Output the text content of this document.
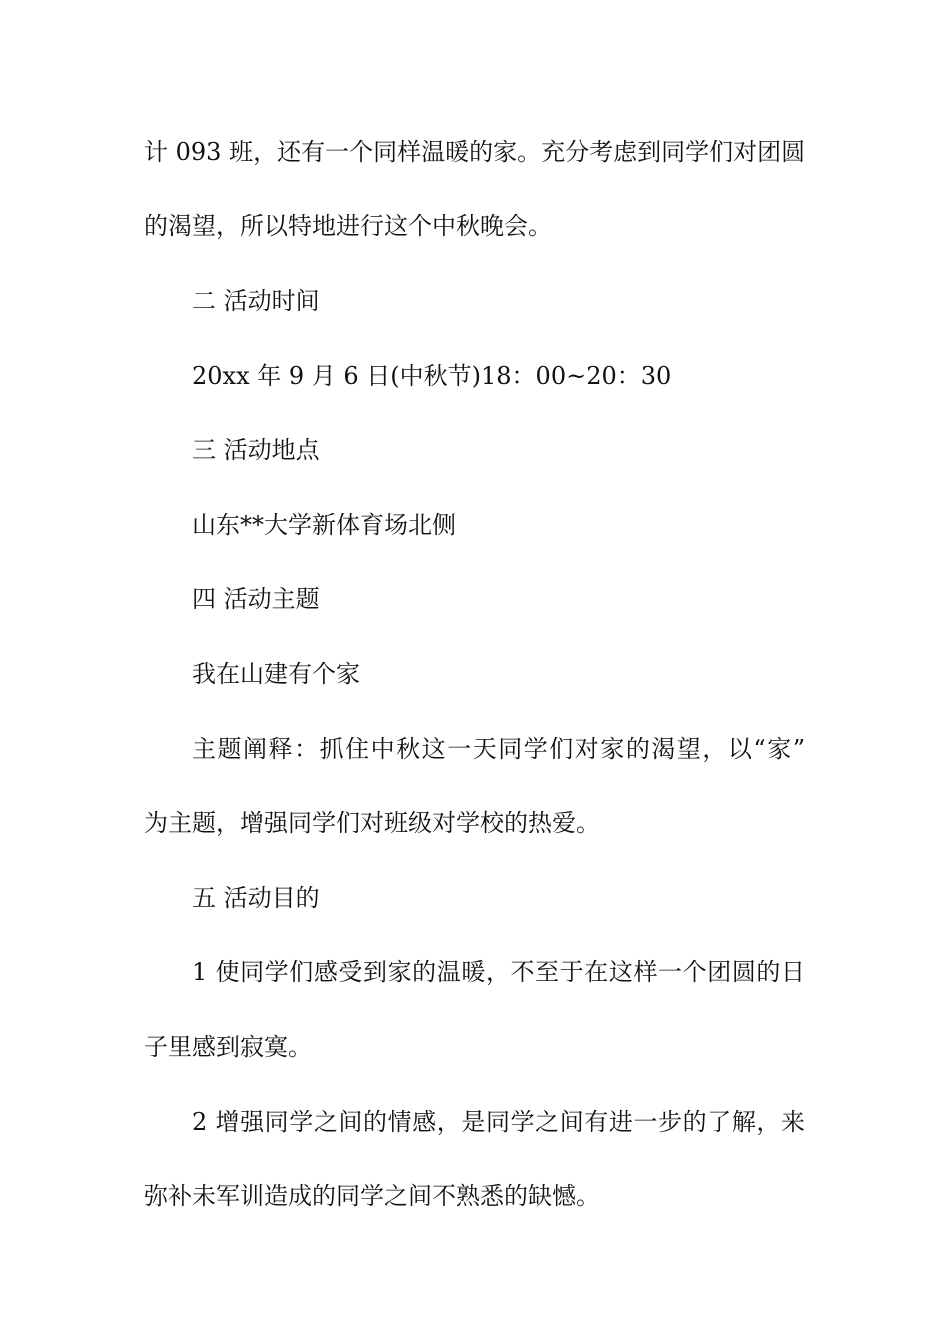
计 093 班，还有一个同样温暖的家。充分考虑到同学们对团圆
的渴望，所以特地进行这个中秋晚会。
二 活动时间
20xx 年 9 月 6 日(中秋节)18：00~20：30
三 活动地点
山东**大学新体育场北侧
四 活动主题
我在山建有个家
主题阐释：抓住中秋这一天同学们对家的渴望，以“家”
为主题，增强同学们对班级对学校的热爱。
五 活动目的
1 使同学们感受到家的温暖，不至于在这样一个团圆的日
子里感到寂寞。
2 增强同学之间的情感，是同学之间有进一步的了解，来
弥补未军训造成的同学之间不熟悉的缺憾。
